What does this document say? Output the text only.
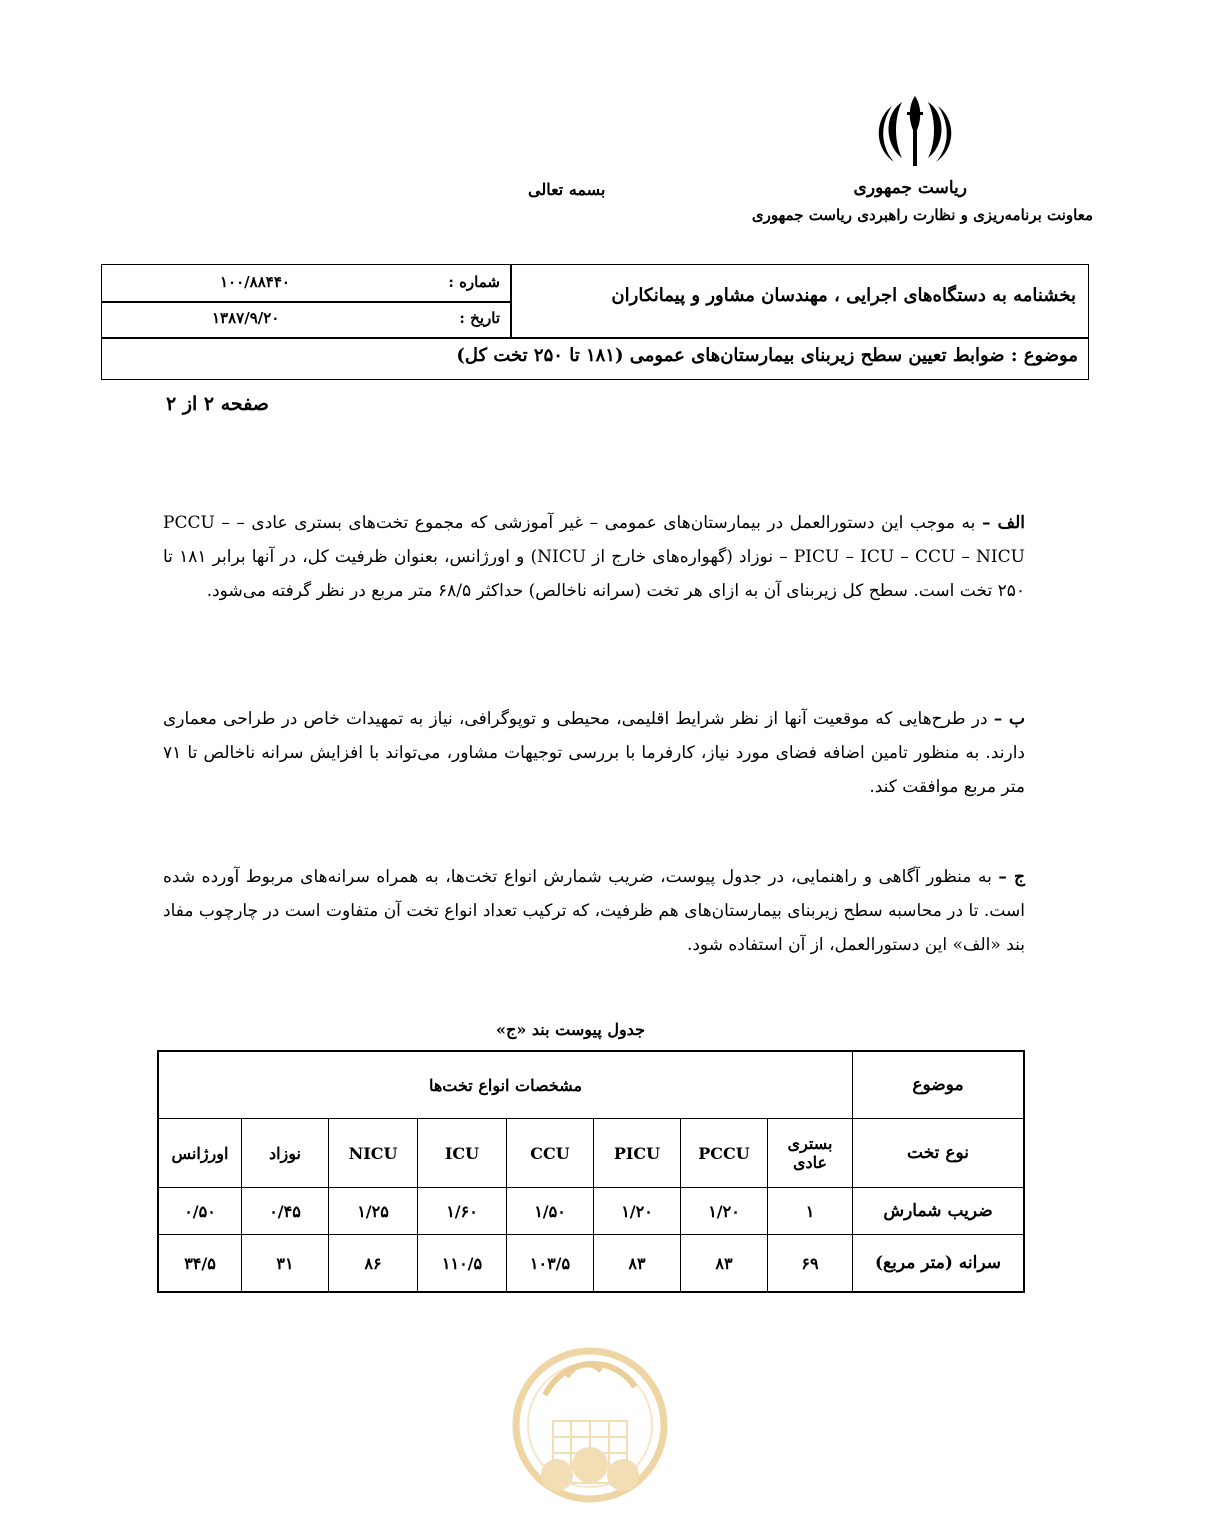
ریاست جمهوری
معاونت برنامه‌ریزی و نظارت راهبردی ریاست جمهوری
بسمه تعالی
بخشنامه به دستگاه‌های اجرایی ، مهندسان مشاور و پیمانکاران
شماره :
۱۰۰/۸۸۴۴۰
تاریخ :
۱۳۸۷/۹/۲۰
موضوع : ضوابط تعیین سطح زیربنای بیمارستان‌های عمومی (۱۸۱ تا ۲۵۰ تخت کل)
صفحه ۲ از ۲
الف – به موجب این دستورالعمل در بیمارستان‌های عمومی – غیر آموزشی که مجموع تخت‌های بستری عادی – PCCU – PICU – ICU – CCU – NICU – نوزاد (گهواره‌های خارج از NICU) و اورژانس، بعنوان ظرفیت کل، در آنها برابر ۱۸۱ تا ۲۵۰ تخت است. سطح کل زیربنای آن به ازای هر تخت (سرانه ناخالص) حداکثر ۶۸/۵ متر مربع در نظر گرفته می‌شود.
ب – در طرح‌هایی که موقعیت آنها از نظر شرایط اقلیمی، محیطی و توپوگرافی، نیاز به تمهیدات خاص در طراحی معماری دارند. به منظور تامین اضافه فضای مورد نیاز، کارفرما با بررسی توجیهات مشاور، می‌تواند با افزایش سرانه ناخالص تا ۷۱ متر مربع موافقت کند.
ج – به منظور آگاهی و راهنمایی، در جدول پیوست، ضریب شمارش انواع تخت‌ها، به همراه سرانه‌های مربوط آورده شده است. تا در محاسبه سطح زیربنای بیمارستان‌های هم ظرفیت، که ترکیب تعداد انواع تخت آن متفاوت است در چارچوب مفاد بند «الف» این دستورالعمل، از آن استفاده شود.
جدول پیوست بند «ج»
موضوع	مشخصات انواع تخت‌ها							
نوع تخت	بستری عادی	PCCU	PICU	CCU	ICU	NICU	نوزاد	اورژانس
ضریب شمارش	۱	۱/۲۰	۱/۲۰	۱/۵۰	۱/۶۰	۱/۲۵	۰/۴۵	۰/۵۰
سرانه (متر مربع)	۶۹	۸۳	۸۳	۱۰۳/۵	۱۱۰/۵	۸۶	۳۱	۳۴/۵
